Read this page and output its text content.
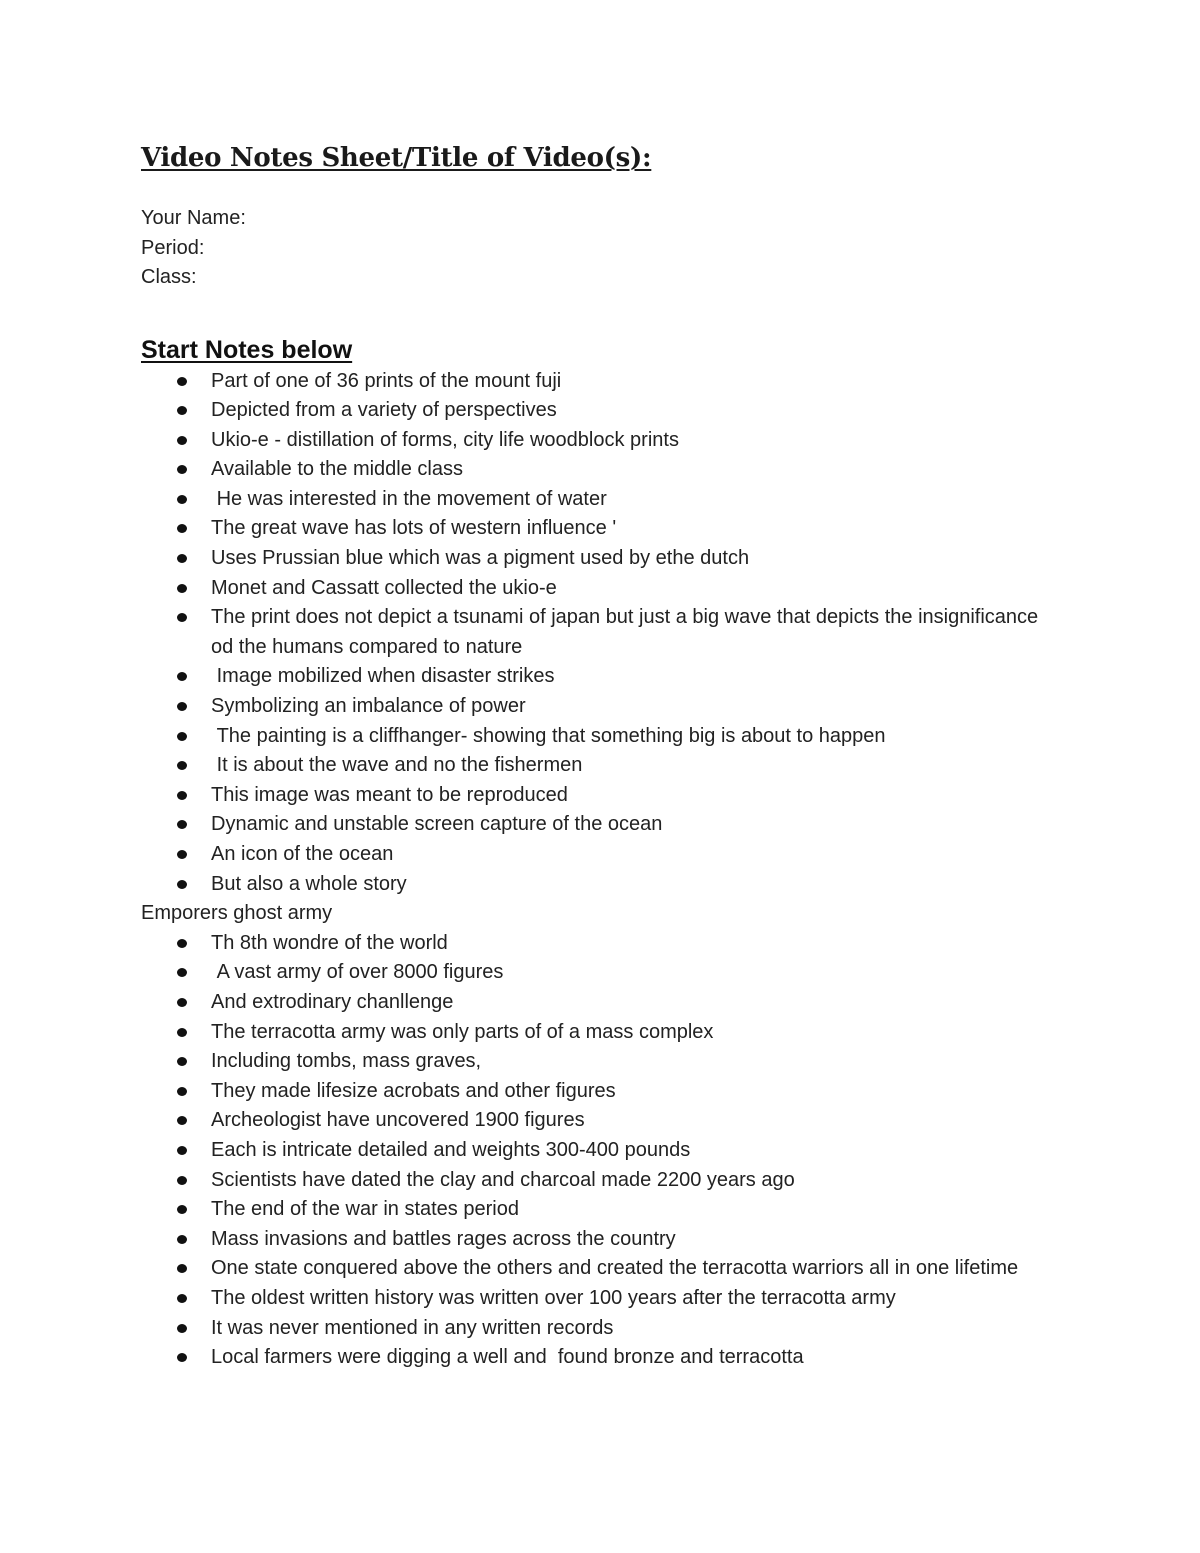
Video Notes Sheet/Title of Video(s):
Your Name:
Period:
Class:
Start Notes below
Part of one of 36 prints of the mount fuji
Depicted from a variety of perspectives
Ukio-e - distillation of forms, city life woodblock prints
Available to the middle class
He was interested in the movement of water
The great wave has lots of western influence '
Uses Prussian blue which was a pigment used by ethe dutch
Monet and Cassatt collected the ukio-e
The print does not depict a tsunami of japan but just a big wave that depicts the insignificance od the humans compared to nature
Image mobilized when disaster strikes
Symbolizing an imbalance of power
The painting is a cliffhanger- showing that something big is about to happen
It is about the wave and no the fishermen
This image was meant to be reproduced
Dynamic and unstable screen capture of the ocean
An icon of the ocean
But also a whole story
Emporers ghost army
Th 8th wondre of the world
A vast army of over 8000 figures
And extrodinary chanllenge
The terracotta army was only parts of of a mass complex
Including tombs, mass graves,
They made lifesize acrobats and other figures
Archeologist have uncovered 1900 figures
Each is intricate detailed and weights 300-400 pounds
Scientists have dated the clay and charcoal made 2200 years ago
The end of the war in states period
Mass invasions and battles rages across the country
One state conquered above the others and created the terracotta warriors all in one lifetime
The oldest written history was written over 100 years after the terracotta army
It was never mentioned in any written records
Local farmers were digging a well and  found bronze and terracotta
